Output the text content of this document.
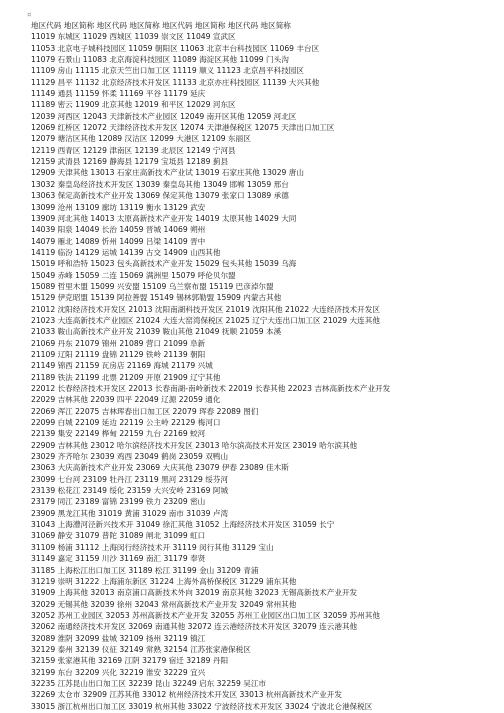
¤
地区代码 地区简称 地区代码 地区简称 地区代码 地区简称 地区代码 地区简称
11019 东城区 11029 西城区 11039 崇文区 11049 宣武区
11053 北京电子城科技园区 11059 朝阳区 11063 北京丰台科技园区 11069 丰台区
11079 石景山 11083 北京海淀科技园区 11089 海淀区其他 11099 门头沟
11109 房山 11115 北京天竺出口加工区 11119 顺义 11123 北京昌平科技园区
11129 昌平 11132 北京经济技术开发区 11133 北京亦庄科技园区 11139 大兴其他
11149 通县 11159 怀柔 11169 平谷 11179 延庆
11189 密云 11909 北京其他 12019 和平区 12029 河东区
12039 河西区 12043 天津新技术产业园区 12049 南开区其他 12059 河北区
12069 红桥区 12072 天津经济技术开发区 12074 天津港保税区 12075 天津出口加工区
12079 塘沽区其他 12089 汉沽区 12099 大港区 12109 东丽区
12119 西青区 12129 津南区 12139 北辰区 12149 宁河县
12159 武清县 12169 静海县 12179 宝坻县 12189 蓟县
12909 天津其他 13013 石家庄高新技术产业试 13019 石家庄其他 13029 唐山
13032 秦皇岛经济技术开发区 13039 秦皇岛其他 13049 邯郸 13059 邢台
13063 保定高新技术产业开发 13069 保定其他 13079 张家口 13089 承德
13099 沧州 13109 廊坊 13119 衡水 13129 武安
13909 河北其他 14013 太原高新技术产业开发 14019 太原其他 14029 大同
14039 阳泉 14049 长治 14059 晋城 14069 朔州
14079 雁北 14089 忻州 14099 吕梁 14109 晋中
14119 临汾 14129 运城 14139 古交 14909 山西其他
15019 呼和浩特 15023 包头高新技术产业开发 15029 包头其他 15039 乌海
15049 赤峰 15059 二连 15069 满洲里 15079 呼伦贝尔盟
15089 哲里木盟 15099 兴安盟 15109 乌兰察布盟 15119 巴彦淖尔盟
15129 伊克昭盟 15139 阿拉善盟 15149 锡林郭勒盟 15909 内蒙古其他
21012 沈阳经济技术开发区 21013 沈阳南湖科技开发区 21019 沈阳其他 21022 大连经济技术开发区
21023 大连高新技术产业园区 21024 大连大窑湾保税区 21025 辽宁大连出口加工区 21029 大连其他
21033 鞍山高新技术产业开发 21039 鞍山其他 21049 抚顺 21059 本溪
21069 丹东 21079 锦州 21089 营口 21099 阜新
21109 辽阳 21119 盘锦 21129 铁岭 21139 朝阳
21149 锦西 21159 瓦房店 21169 海城 21179 兴城
21189 铁法 21199 北票 21209 开原 21909 辽宁其他
22012 长春经济技术开发区 22013 长春南湖-南岭新技术 22019 长春其他 22023 吉林高新技术产业开发
22029 吉林其他 22039 四平 22049 辽源 22059 通化
22069 浑江 22075 吉林珲春出口加工区 22079 珲春 22089 图们
22099 白城 22109 延边 22119 公主岭 22129 梅河口
22139 集安 22149 桦甸 22159 九台 22169 蛟河
22909 吉林其他 23012 哈尔滨经济技术开发区 23013 哈尔滨高技术开发区 23019 哈尔滨其他
23029 齐齐哈尔 23039 鸡西 23049 鹤岗 23059 双鸭山
23063 大庆高新技术产业开发 23069 大庆其他 23079 伊春 23089 佳木斯
23099 七台河 23109 牡丹江 23119 黑河 23129 绥芬河
23139 松花江 23149 绥化 23159 大兴安岭 23169 阿城
23179 同江 23189 富锦 23199 铁力 23209 密山
23909 黑龙江其他 31019 黄浦 31029 南市 31039 卢湾
31043 上海漕河泾新兴技术开 31049 徐汇其他 31052 上海经济技术开发区 31059 长宁
31069 静安 31079 普陀 31089 闸北 31099 虹口
31109 杨浦 31112 上海闵行经济技术开 31119 闵行其他 31129 宝山
31149 嘉定 31159 川沙 31169 南汇 31179 奉贤
31185 上海松江出口加工区 31189 松江 31199 金山 31209 青浦
31219 崇明 31222 上海浦东新区 31224 上海外高桥保税区 31229 浦东其他
31909 上海其他 32013 南京浦口高新技术外向 32019 南京其他 32023 无锡高新技术产业开发
32029 无锡其他 32039 徐州 32043 常州高新技术产业开发 32049 常州其他
32052 苏州工业园区 32053 苏州高新技术产业开发 32055 苏州工业园区出口加工区 32059 苏州其他
32062 南通经济技术开发区 32069 南通其他 32072 连云港经济技术开发区 32079 连云港其他
32089 淮阴 32099 盐城 32109 扬州 32119 镇江
32129 泰州 32139 仪征 32149 常熟 32154 江苏张家港保税区
32159 张家港其他 32169 江阴 32179 宿迁 32189 丹阳
32199 东台 32209 兴化 32219 淮安 32229 宜兴
32235 江苏昆山出口加工区 32239 昆山 32249 启东 32259 吴江市
32269 太仓市 32909 江苏其他 33012 杭州经济技术开发区 33013 杭州高新技术产业开发
33015 浙江杭州出口加工区 33019 杭州其他 33022 宁波经济技术开发区 33024 宁波北仑港保税区
